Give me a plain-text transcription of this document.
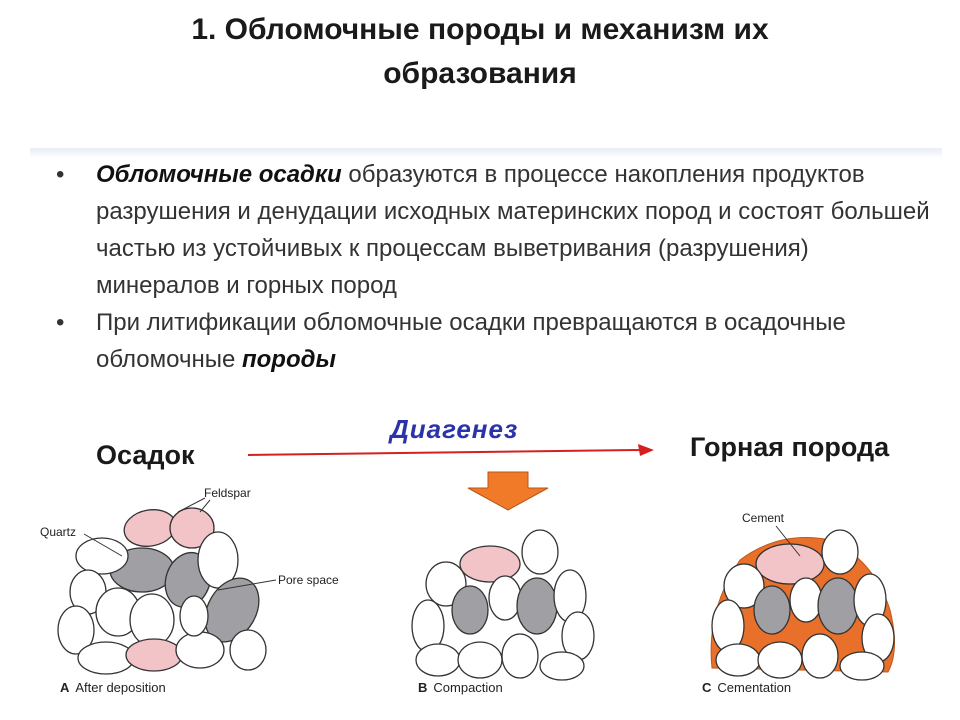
1. Обломочные породы и механизм их
образования
•	Обломочные осадки образуются в процессе накопления продуктов разрушения и денудации исходных материнских пород и состоят большей частью из устойчивых к процессам выветривания (разрушения) минералов и горных пород
•	При литификации обломочные осадки превращаются в осадочные обломочные породы
Осадок	Горная порода
Диагенез
Feldspar
Quartz
Pore space
Cement
A After deposition	B Compaction	C Cementation
